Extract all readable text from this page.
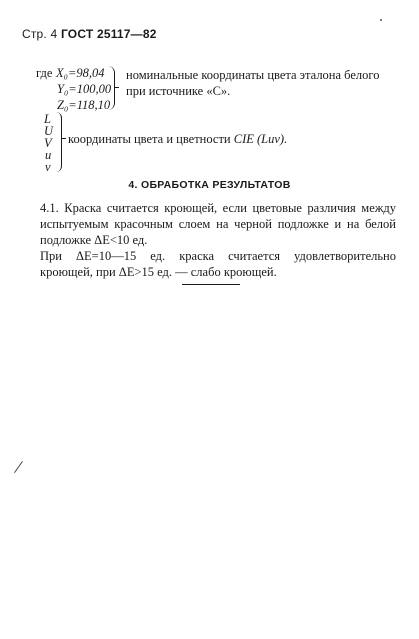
Стр. 4 ГОСТ 25117—82
где X₀=98,04
Y₀=100,00
Z₀=118,10
номинальные координаты цвета эталона белого
при источнике «С».
L
U
V
u
v
координаты цвета и цветности CIE (Luv).
4. ОБРАБОТКА РЕЗУЛЬТАТОВ
4.1. Краска считается кроющей, если цветовые различия между испытуемым красочным слоем на черной подложке и на белой подложке ΔE<10 ед.
При ΔE=10—15 ед. краска считается удовлетворительно кроющей, при ΔE>15 ед. — слабо кроющей.
